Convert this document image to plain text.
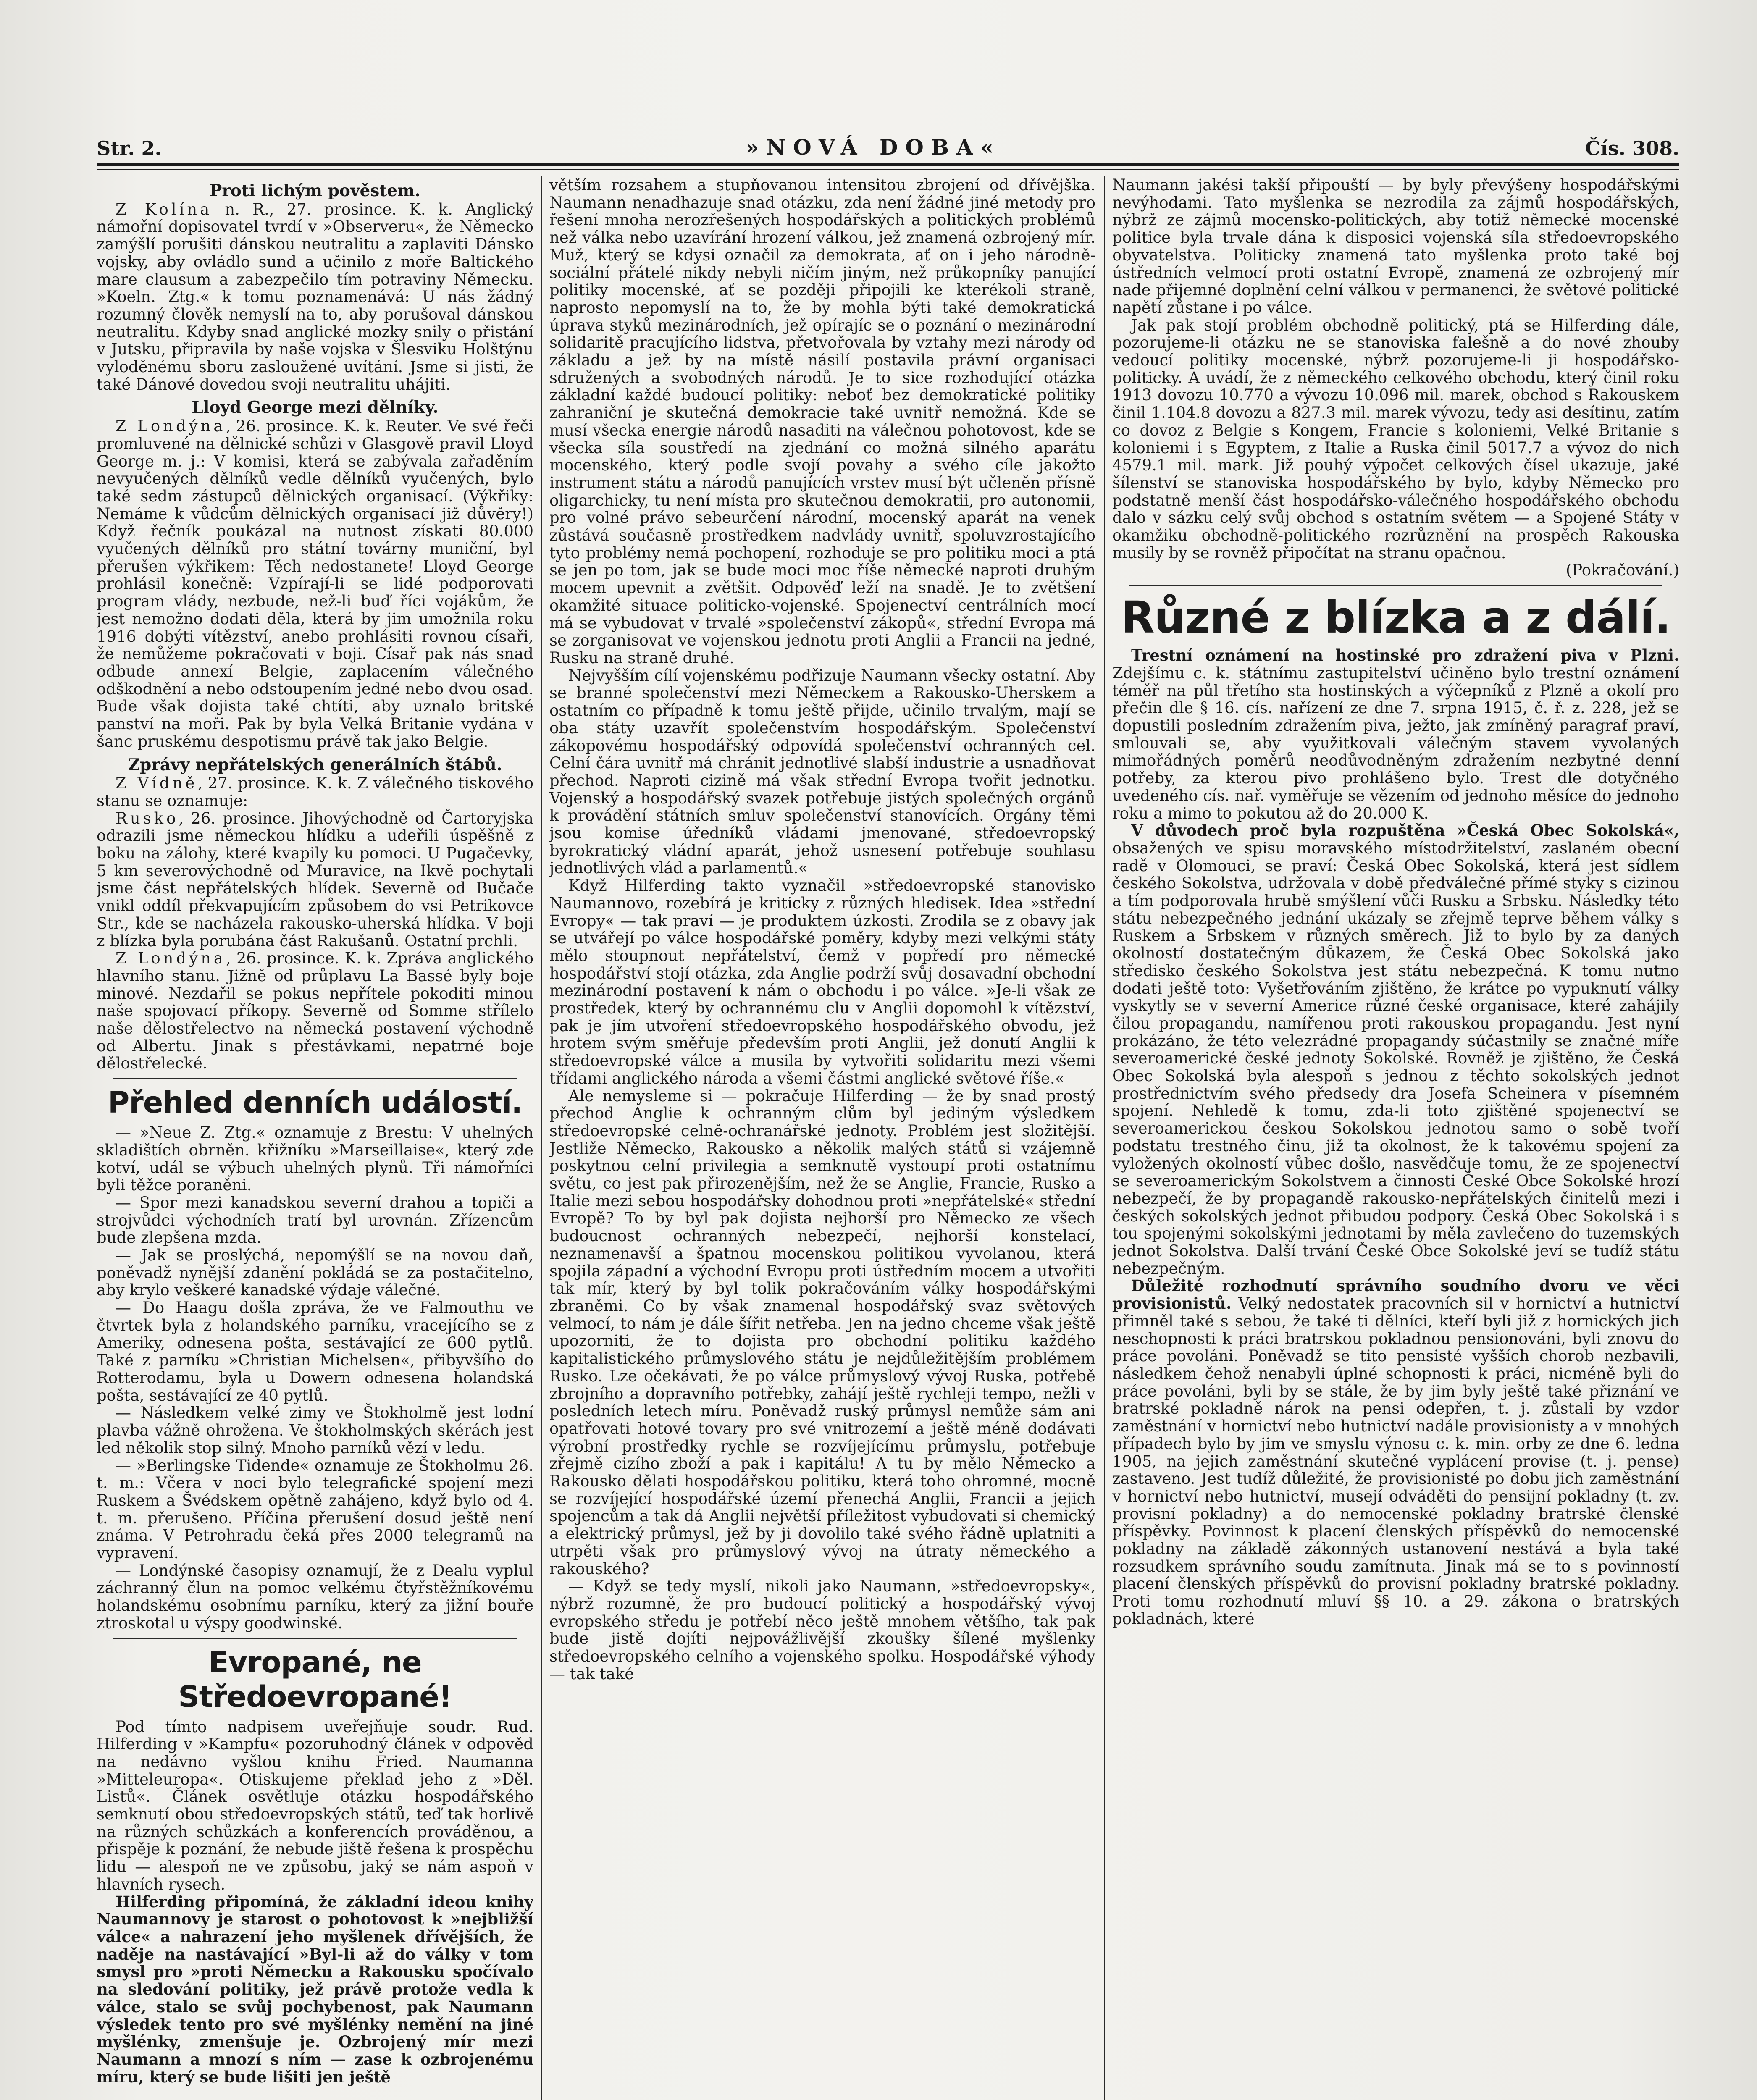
Str. 2.	»NOVÁ DOBA«	Čís. 308.
Proti lichým pověstem.

Z Kolína n. R., 27. prosince. K. k. Anglický námořní dopisovatel tvrdí v »Observeru«, že Německo zamýšlí porušiti dánskou neutralitu a zaplaviti Dánsko vojsky, aby ovládlo sund a učinilo z moře Baltického mare clausum a zabezpečilo tím potraviny Německu. »Koeln. Ztg.« k tomu poznamenává: U nás žádný rozumný člověk nemyslí na to, aby porušoval dánskou neutralitu. Kdyby snad anglické mozky snily o přistání v Jutsku, připravila by naše vojska v Šlesviku Holštýnu vyloděnému sboru zasloužené uvítání. Jsme si jisti, že také Dánové dovedou svoji neutralitu uhájiti.

Lloyd George mezi dělníky.

Z Londýna, 26. prosince. K. k. Reuter. Ve své řeči promluvené na dělnické schůzi v Glasgově pravil Lloyd George m. j.: V komisi, která se zabývala zařaděním nevyučených dělníků vedle dělníků vyučených, bylo také sedm zástupců dělnických organisací. (Výkřiky: Nemáme k vůdcům dělnických organisací již důvěry!) Když řečník poukázal na nutnost získati 80.000 vyučených dělníků pro státní továrny muniční, byl přerušen výkřikem: Těch nedostanete! Lloyd George prohlásil konečně: Vzpírají-li se lidé podporovati program vlády, nezbude, než-li buď říci vojákům, že jest nemožno dodati děla, která by jim umožnila roku 1916 dobýti vítězství, anebo prohlásiti rovnou císaři, že nemůžeme pokračovati v boji. Císař pak nás snad odbude annexí Belgie, zaplacením válečného odškodnění a nebo odstoupením jedné nebo dvou osad. Bude však dojista také chtíti, aby uznalo britské panství na moři. Pak by byla Velká Britanie vydána v šanc pruskému despotismu právě tak jako Belgie.

Zprávy nepřátelských generálních štábů.

Z Vídně, 27. prosince. K. k. Z válečného tiskového stanu se oznamuje:

Rusko, 26. prosince. Jihovýchodně od Čartoryjska odrazili jsme německou hlídku a udeřili úspěšně z boku na zálohy, které kvapily ku pomoci. U Pugačevky, 5 km severovýchodně od Muravice, na Ikvě pochytali jsme část nepřátelských hlídek. Severně od Bučače vnikl oddíl překvapujícím způsobem do vsi Petrikovce Str., kde se nacházela rakousko-uherská hlídka. V boji z blízka byla porubána část Rakušanů. Ostatní prchli.

Z Londýna, 26. prosince. K. k. Zpráva anglického hlavního stanu. Jižně od průplavu La Bassé byly boje minové. Nezdařil se pokus nepřítele pokoditi minou naše spojovací příkopy. Severně od Somme střílelo naše dělostřelectvo na německá postavení východně od Albertu. Jinak s přestávkami, nepatrné boje dělostřelecké.

Přehled denních událostí.

— »Neue Z. Ztg.« oznamuje z Brestu: V uhelných skladištích obrněn. křižníku »Marseillaise«, který zde kotví, udál se výbuch uhelných plynů. Tři námořníci byli těžce poraněni.

— Spor mezi kanadskou severní drahou a topiči a strojvůdci východních tratí byl urovnán. Zřízencům bude zlepšena mzda.

— Jak se proslýchá, nepomýšlí se na novou daň, poněvadž nynější zdanění pokládá se za postačitelno, aby krylo veškeré kanadské výdaje válečné.

— Do Haagu došla zpráva, že ve Falmouthu ve čtvrtek byla z holandského parníku, vracejícího se z Ameriky, odnesena pošta, sestávající ze 600 pytlů. Také z parníku »Christian Michelsen«, přibyvšího do Rotterodamu, byla u Dowern odnesena holandská pošta, sestávající ze 40 pytlů.

— Následkem velké zimy ve Štokholmě jest lodní plavba vážně ohrožena. Ve štokholmských skérách jest led několik stop silný. Mnoho parníků vězí v ledu.

— »Berlingske Tidende« oznamuje ze Štokholmu 26. t. m.: Včera v noci bylo telegrafické spojení mezi Ruskem a Švédskem opětně zahájeno, když bylo od 4. t. m. přerušeno. Příčina přerušení dosud ještě není známa. V Petrohradu čeká přes 2000 telegramů na vypravení.

— Londýnské časopisy oznamují, že z Dealu vyplul záchranný člun na pomoc velkému čtyřstěžníkovému holandskému osobnímu parníku, který za jižní bouře ztroskotal u výspy goodwinské.

Evropané, ne Středoevropané!

Pod tímto nadpisem uveřejňuje soudr. Rud. Hilferding v »Kampfu« pozoruhodný článek v odpověď na nedávno vyšlou knihu Fried. Naumanna »Mitteleuropa«. Otiskujeme překlad jeho z »Děl. Listů«. Článek osvětluje otázku hospodářského semknutí obou středoevropských států, teď tak horlivě na různých schůzkách a konferencích prováděnou, a přispěje k poznání, že nebude jiště řešena k prospěchu lidu — alespoň ne ve způsobu, jaký se nám aspoň v hlavních rysech.

Hilferding připomíná, že základní ideou knihy Naumannovy je starost o pohotovost k »nejbližší válce« a nahrazení jeho myšlenek dřívějších, že naděje na nastávající »Byl-li až do války v tom smysl pro »proti Německu a Rakousku spočívalo na sledování politiky, jež právě protože vedla k válce, stalo se svůj pochybenost, pak Naumann výsledek tento pro své myšlénky nemění na jiné myšlénky, zmenšuje je. Ozbrojený mír mezi Naumann a mnozí s ním — zase k ozbrojenému míru, který se bude lišiti jen ještě

větším rozsahem a stupňovanou intensitou zbrojení od dřívějška. Naumann nenadhazuje snad otázku, zda není žádné jiné metody pro řešení mnoha nerozřešených hospodářských a politických problémů než válka nebo uzavírání hrození válkou, jež znamená ozbrojený mír. Muž, který se kdysi označil za demokrata, ať on i jeho národně-sociální přátelé nikdy nebyli ničím jiným, než průkopníky panující politiky mocenské, ať se později připojili ke kterékoli straně, naprosto nepomyslí na to, že by mohla býti také demokratická úprava styků mezinárodních, jež opírajíc se o poznání o mezinárodní solidaritě pracujícího lidstva, přetvořovala by vztahy mezi národy od základu a jež by na místě násilí postavila právní organisaci sdružených a svobodných národů. Je to sice rozhodující otázka základní každé budoucí politiky: neboť bez demokratické politiky zahraniční je skutečná demokracie také uvnitř nemožná. Kde se musí všecka energie národů nasaditi na válečnou pohotovost, kde se všecka síla soustředí na zjednání co možná silného aparátu mocenského, který podle svojí povahy a svého cíle jakožto instrument státu a národů panujících vrstev musí být učleněn přísně oligarchicky, tu není místa pro skutečnou demokratii, pro autonomii, pro volné právo sebeurčení národní, mocenský aparát na venek zůstává současně prostředkem nadvlády uvnitř, spoluvzrostajícího tyto problémy nemá pochopení, rozhoduje se pro politiku moci a ptá se jen po tom, jak se bude moci moc říše německé naproti druhým mocem upevnit a zvětšit. Odpověď leží na snadě. Je to zvětšení okamžité situace politicko-vojenské. Spojenectví centrálních mocí má se vybudovat v trvalé »společenství zákopů«, střední Evropa má se zorganisovat ve vojenskou jednotu proti Anglii a Francii na jedné, Rusku na straně druhé.

Nejvyšším cílí vojenskému podřizuje Naumann všecky ostatní. Aby se branné společenství mezi Německem a Rakousko-Uherskem a ostatním co případně k tomu ještě přijde, učinilo trvalým, mají se oba státy uzavřít společenstvím hospodářským. Společenství zákopovému hospodářský odpovídá společenství ochranných cel. Celní čára uvnitř má chránit jednotlivé slabší industrie a usnadňovat přechod. Naproti cizině má však střední Evropa tvořit jednotku. Vojenský a hospodářský svazek potřebuje jistých společných orgánů k provádění státních smluv společenství stanovících. Orgány těmi jsou komise úředníků vládami jmenované, středoevropský byrokratický vládní aparát, jehož usnesení potřebuje souhlasu jednotlivých vlád a parlamentů.«

Když Hilferding takto vyznačil »středoevropské stanovisko Naumannovo, rozebírá je kriticky z různých hledisek. Idea »střední Evropy« — tak praví — je produktem úzkosti. Zrodila se z obavy jak se utvářejí po válce hospodářské poměry, kdyby mezi velkými státy mělo stoupnout nepřátelství, čemž v popředí pro německé hospodářství stojí otázka, zda Anglie podrží svůj dosavadní obchodní mezinárodní postavení k nám o obchodu i po válce. »Je-li však ze prostředek, který by ochrannému clu v Anglii dopomohl k vítězství, pak je jím utvoření středoevropského hospodářského obvodu, jež hrotem svým směřuje především proti Anglii, jež donutí Anglii k středoevropské válce a musila by vytvořiti solidaritu mezi všemi třídami anglického národa a všemi částmi anglické světové říše.«

Ale nemysleme si — pokračuje Hilferding — že by snad prostý přechod Anglie k ochranným clům byl jediným výsledkem středoevropské celně-ochranářské jednoty. Problém jest složitější. Jestliže Německo, Rakousko a několik malých států si vzájemně poskytnou celní privilegia a semknutě vystoupí proti ostatnímu světu, co jest pak přirozenějším, než že se Anglie, Francie, Rusko a Italie mezi sebou hospodářsky dohodnou proti »nepřátelské« střední Evropě? To by byl pak dojista nejhorší pro Německo ze všech budoucnost ochranných nebezpečí, nejhorší konstelací, neznamenavší a špatnou mocenskou politikou vyvolanou, která spojila západní a východní Evropu proti ústředním mocem a utvořiti tak mír, který by byl tolik pokračováním války hospodářskými zbraněmi. Co by však znamenal hospodářský svaz světových velmocí, to nám je dále šířit netřeba. Jen na jedno chceme však ještě upozorniti, že to dojista pro obchodní politiku každého kapitalistického průmyslového státu je nejdůležitějším problémem Rusko. Lze očekávati, že po válce průmyslový vývoj Ruska, potřebě zbrojního a dopravního potřebky, zahájí ještě rychleji tempo, nežli v posledních letech míru. Poněvadž ruský průmysl nemůže sám ani opatřovati hotové tovary pro své vnitrozemí a ještě méně dodávati výrobní prostředky rychle se rozvíjejícímu průmyslu, potřebuje zřejmě cizího zboží a pak i kapitálu! A tu by mělo Německo a Rakousko dělati hospodářskou politiku, která toho ohromné, mocně se rozvíjející hospodářské území přenechá Anglii, Francii a jejich spojencům a tak dá Anglii největší příležitost vybudovati si chemický a elektrický průmysl, jež by ji dovolilo také svého řádně uplatniti a utrpěti však pro průmyslový vývoj na útraty německého a rakouského?

— Když se tedy myslí, nikoli jako Naumann, »středoevropsky«, nýbrž rozumně, že pro budoucí politický a hospodářský vývoj evropského středu je potřebí něco ještě mnohem většího, tak pak bude jistě dojíti nejpovážlivější zkoušky šílené myšlenky středoevropského celního a vojenského spolku. Hospodářské výhody — tak také

Naumann jakési takší připouští — by byly převýšeny hospodářskými nevýhodami. Tato myšlenka se nezrodila za zájmů hospodářských, nýbrž ze zájmů mocensko-politických, aby totiž německé mocenské politice byla trvale dána k disposici vojenská síla středoevropského obyvatelstva. Politicky znamená tato myšlenka proto také boj ústředních velmocí proti ostatní Evropě, znamená ze ozbrojený mír nade přijemné doplnění celní válkou v permanenci, že světové politické napětí zůstane i po válce.

Jak pak stojí problém obchodně politický, ptá se Hilferding dále, pozorujeme-li otázku ne se stanoviska falešně a do nové zhouby vedoucí politiky mocenské, nýbrž pozorujeme-li ji hospodářsko-politicky. A uvádí, že z německého celkového obchodu, který činil roku 1913 dovozu 10.770 a vývozu 10.096 mil. marek, obchod s Rakouskem činil 1.104.8 dovozu a 827.3 mil. marek vývozu, tedy asi desítinu, zatím co dovoz z Belgie s Kongem, Francie s koloniemi, Velké Britanie s koloniemi i s Egyptem, z Italie a Ruska činil 5017.7 a vývoz do nich 4579.1 mil. mark. Již pouhý výpočet celkových čísel ukazuje, jaké šílenství se stanoviska hospodářského by bylo, kdyby Německo pro podstatně menší část hospodářsko-válečného hospodářského obchodu dalo v sázku celý svůj obchod s ostatním světem — a Spojené Státy v okamžiku obchodně-politického rozrůznění na prospěch Rakouska musily by se rovněž připočítat na stranu opačnou.

(Pokračování.)

Různé z blízka a z dálí.

Trestní oznámení na hostinské pro zdražení piva v Plzni. Zdejšímu c. k. státnímu zastupitelství učiněno bylo trestní oznámení téměř na půl třetího sta hostinských a výčepníků z Plzně a okolí pro přečin dle § 16. cís. nařízení ze dne 7. srpna 1915, č. ř. z. 228, jež se dopustili posledním zdražením piva, ježto, jak zmíněný paragraf praví, smlouvali se, aby využitkovali válečným stavem vyvolaných mimořádných poměrů neodůvodněným zdražením nezbytné denní potřeby, za kterou pivo prohlášeno bylo. Trest dle dotyčného uvedeného cís. nař. vyměřuje se vězením od jednoho měsíce do jednoho roku a mimo to pokutou až do 20.000 K.

V důvodech proč byla rozpuštěna »Česká Obec Sokolská«, obsažených ve spisu moravského místodržitelství, zaslaném obecní radě v Olomouci, se praví: Česká Obec Sokolská, která jest sídlem českého Sokolstva, udržovala v době předválečné přímé styky s cizinou a tím podporovala hrubě smýšlení vůči Rusku a Srbsku. Následky této státu nebezpečného jednání ukázaly se zřejmě teprve během války s Ruskem a Srbskem v různých směrech. Již to bylo by za daných okolností dostatečným důkazem, že Česká Obec Sokolská jako středisko českého Sokolstva jest státu nebezpečná. K tomu nutno dodati ještě toto: Vyšetřováním zjištěno, že krátce po vypuknutí války vyskytly se v severní Americe různé české organisace, které zahájily čilou propagandu, namířenou proti rakouskou propagandu. Jest nyní prokázáno, že této velezrádné propagandy súčastnily se značné míře severoamerické české jednoty Sokolské. Rovněž je zjištěno, že Česká Obec Sokolská byla alespoň s jednou z těchto sokolských jednot prostřednictvím svého předsedy dra Josefa Scheinera v písemném spojení. Nehledě k tomu, zda-li toto zjištěné spojenectví se severoamerickou českou Sokolskou jednotou samo o sobě tvoří podstatu trestného činu, již ta okolnost, že k takovému spojení za vyložených okolností vůbec došlo, nasvědčuje tomu, že ze spojenectví se severoamerickým Sokolstvem a činnosti České Obce Sokolské hrozí nebezpečí, že by propagandě rakousko-nepřátelských činitelů mezi i českých sokolských jednot přibudou podpory. Česká Obec Sokolská i s tou spojenými sokolskými jednotami by měla zavlečeno do tuzemských jednot Sokolstva. Další trvání České Obce Sokolské jeví se tudíž státu nebezpečným.

Důležité rozhodnutí správního soudního dvoru ve věci provisionistů. Velký nedostatek pracovních sil v hornictví a hutnictví přimněl také s sebou, že také ti dělníci, kteří byli již z hornických jich neschopnosti k práci bratrskou pokladnou pensionováni, byli znovu do práce povoláni. Poněvadž se tito pensisté vyšších chorob nezbavili, následkem čehož nenabyli úplné schopnosti k práci, nicméně byli do práce povoláni, byli by se stále, že by jim byly ještě také přiznání ve bratrské pokladně nárok na pensi odepřen, t. j. zůstali by vzdor zaměstnání v hornictví nebo hutnictví nadále provisionisty a v mnohých případech bylo by jim ve smyslu výnosu c. k. min. orby ze dne 6. ledna 1905, na jejich zaměstnání skutečné vyplácení provise (t. j. pense) zastaveno. Jest tudíž důležité, že provisionisté po dobu jich zaměstnání v hornictví nebo hutnictví, musejí odváděti do pensijní pokladny (t. zv. provisní pokladny) a do nemocenské pokladny bratrské členské příspěvky. Povinnost k placení členských příspěvků do nemocenské pokladny na základě zákonných ustanovení nestává a byla také rozsudkem správního soudu zamítnuta. Jinak má se to s povinností placení členských příspěvků do provisní pokladny bratrské pokladny. Proti tomu rozhodnutí mluví §§ 10. a 29. zákona o bratrských pokladnách, které
